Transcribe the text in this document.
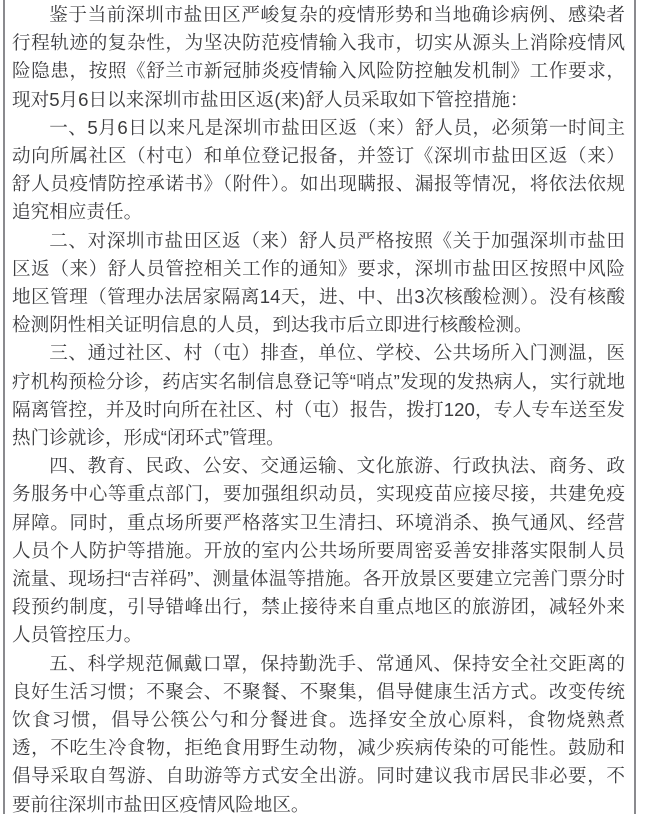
鉴于当前深圳市盐田区严峻复杂的疫情形势和当地确诊病例、感染者行程轨迹的复杂性，为坚决防范疫情输入我市，切实从源头上消除疫情风险隐患，按照《舒兰市新冠肺炎疫情输入风险防控触发机制》工作要求，现对5月6日以来深圳市盐田区返(来)舒人员采取如下管控措施：

一、5月6日以来凡是深圳市盐田区返（来）舒人员，必须第一时间主动向所属社区（村屯）和单位登记报备，并签订《深圳市盐田区返（来）舒人员疫情防控承诺书》（附件）。如出现瞒报、漏报等情况，将依法依规追究相应责任。

二、对深圳市盐田区返（来）舒人员严格按照《关于加强深圳市盐田区返（来）舒人员管控相关工作的通知》要求，深圳市盐田区按照中风险地区管理（管理办法居家隔离14天，进、中、出3次核酸检测）。没有核酸检测阴性相关证明信息的人员，到达我市后立即进行核酸检测。

三、通过社区、村（屯）排查，单位、学校、公共场所入门测温，医疗机构预检分诊，药店实名制信息登记等“哨点”发现的发热病人，实行就地隔离管控，并及时向所在社区、村（屯）报告，拨打120，专人专车送至发热门诊就诊，形成“闭环式”管理。

四、教育、民政、公安、交通运输、文化旅游、行政执法、商务、政务服务中心等重点部门，要加强组织动员，实现疫苗应接尽接，共建免疫屏障。同时，重点场所要严格落实卫生清扫、环境消杀、换气通风、经营人员个人防护等措施。开放的室内公共场所要周密妥善安排落实限制人员流量、现场扫“吉祥码”、测量体温等措施。各开放景区要建立完善门票分时段预约制度，引导错峰出行，禁止接待来自重点地区的旅游团，减轻外来人员管控压力。

五、科学规范佩戴口罩，保持勤洗手、常通风、保持安全社交距离的良好生活习惯；不聚会、不聚餐、不聚集，倡导健康生活方式。改变传统饮食习惯，倡导公筷公勺和分餐进食。选择安全放心原料，食物烧熟煮透，不吃生冷食物，拒绝食用野生动物，减少疾病传染的可能性。鼓励和倡导采取自驾游、自助游等方式安全出游。同时建议我市居民非必要，不要前往深圳市盐田区疫情风险地区。
